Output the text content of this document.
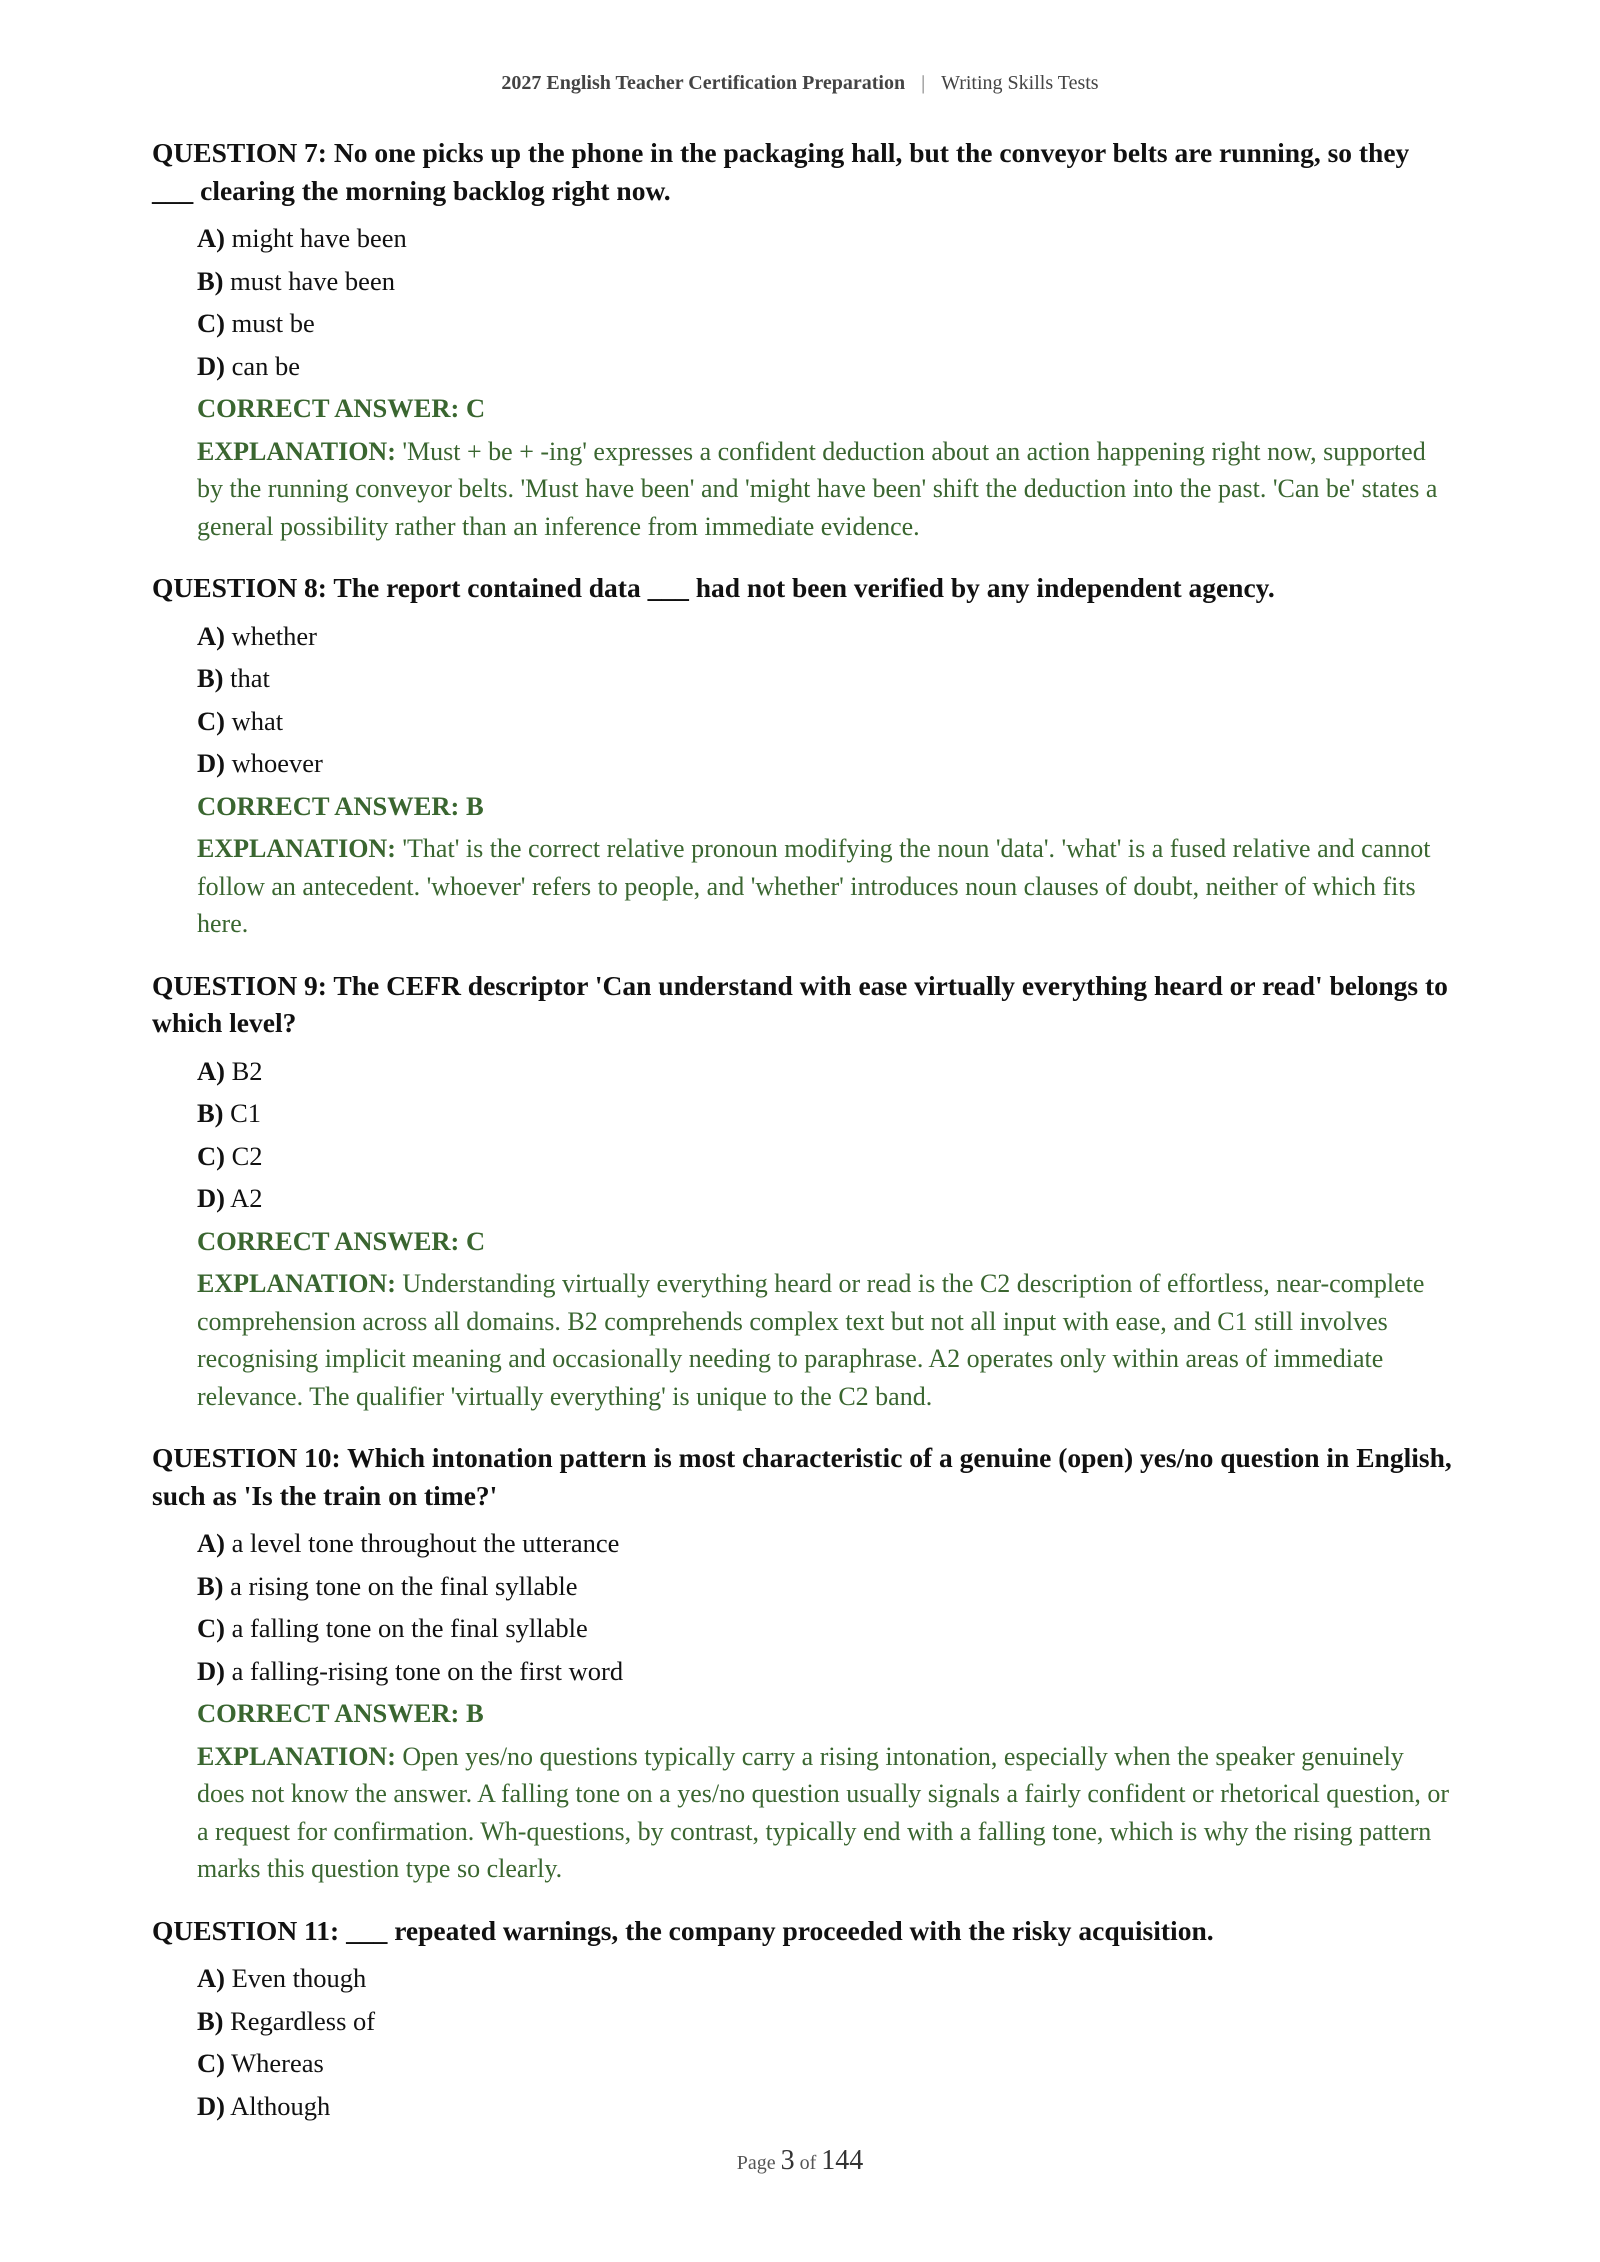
2027 English Teacher Certification Preparation | Writing Skills Tests

QUESTION 7: No one picks up the phone in the packaging hall, but the conveyor belts are running, so they ___ clearing the morning backlog right now.

A) might have been
B) must have been
C) must be
D) can be
CORRECT ANSWER: C
EXPLANATION: 'Must + be + -ing' expresses a confident deduction about an action happening right now, supported by the running conveyor belts. 'Must have been' and 'might have been' shift the deduction into the past. 'Can be' states a general possibility rather than an inference from immediate evidence.

QUESTION 8: The report contained data ___ had not been verified by any independent agency.

A) whether
B) that
C) what
D) whoever
CORRECT ANSWER: B
EXPLANATION: 'That' is the correct relative pronoun modifying the noun 'data'. 'what' is a fused relative and cannot follow an antecedent. 'whoever' refers to people, and 'whether' introduces noun clauses of doubt, neither of which fits here.

QUESTION 9: The CEFR descriptor 'Can understand with ease virtually everything heard or read' belongs to which level?

A) B2
B) C1
C) C2
D) A2
CORRECT ANSWER: C
EXPLANATION: Understanding virtually everything heard or read is the C2 description of effortless, near-complete comprehension across all domains. B2 comprehends complex text but not all input with ease, and C1 still involves recognising implicit meaning and occasionally needing to paraphrase. A2 operates only within areas of immediate relevance. The qualifier 'virtually everything' is unique to the C2 band.

QUESTION 10: Which intonation pattern is most characteristic of a genuine (open) yes/no question in English, such as 'Is the train on time?'

A) a level tone throughout the utterance
B) a rising tone on the final syllable
C) a falling tone on the final syllable
D) a falling-rising tone on the first word
CORRECT ANSWER: B
EXPLANATION: Open yes/no questions typically carry a rising intonation, especially when the speaker genuinely does not know the answer. A falling tone on a yes/no question usually signals a fairly confident or rhetorical question, or a request for confirmation. Wh-questions, by contrast, typically end with a falling tone, which is why the rising pattern marks this question type so clearly.

QUESTION 11: ___ repeated warnings, the company proceeded with the risky acquisition.

A) Even though
B) Regardless of
C) Whereas
D) Although
Page 3 of 144
